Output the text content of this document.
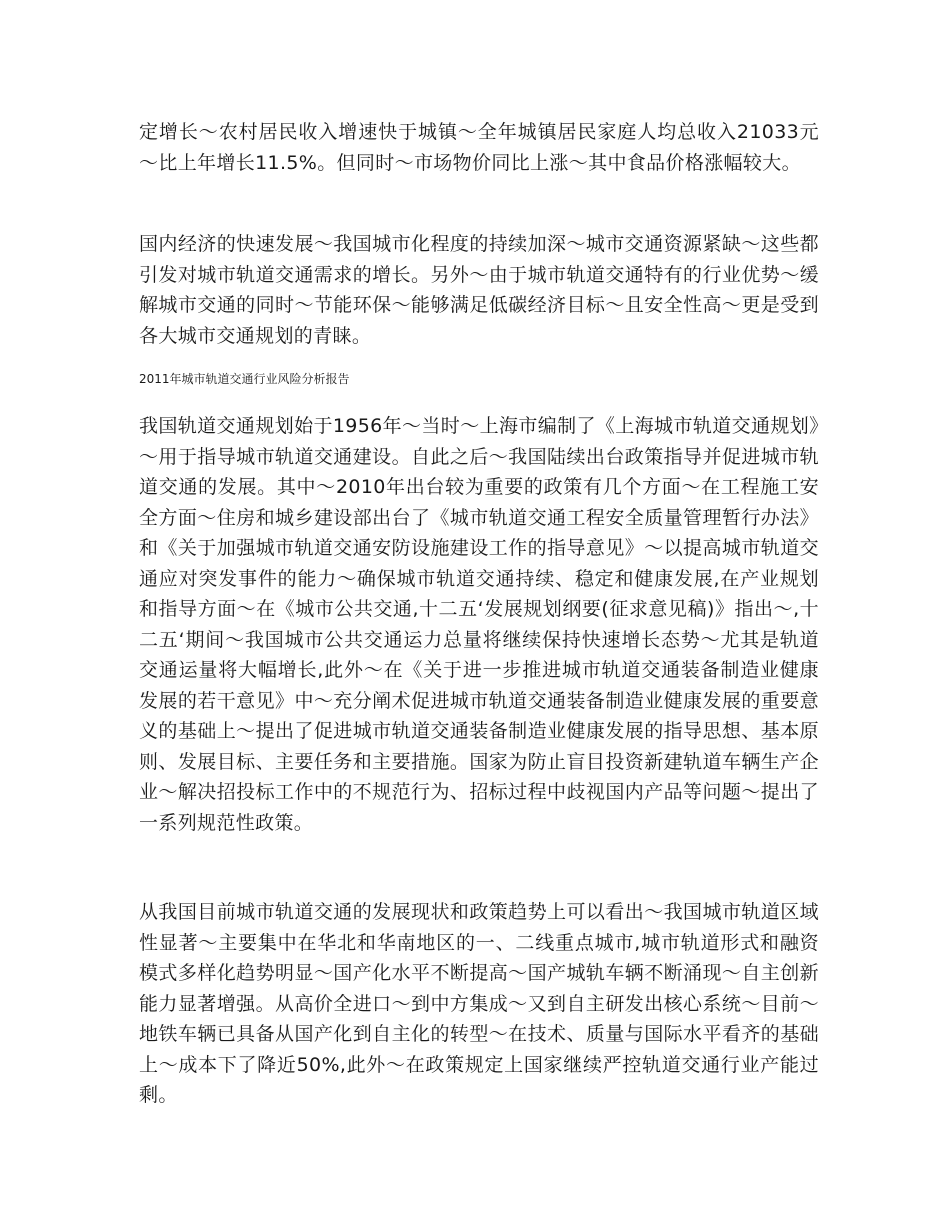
定增长～农村居民收入增速快于城镇～全年城镇居民家庭人均总收入21033元～比上年增长11.5%。但同时～市场物价同比上涨～其中食品价格涨幅较大。

国内经济的快速发展～我国城市化程度的持续加深～城市交通资源紧缺～这些都引发对城市轨道交通需求的增长。另外～由于城市轨道交通特有的行业优势～缓解城市交通的同时～节能环保～能够满足低碳经济目标～且安全性高～更是受到各大城市交通规划的青睐。

2011年城市轨道交通行业风险分析报告

我国轨道交通规划始于1956年～当时～上海市编制了《上海城市轨道交通规划》～用于指导城市轨道交通建设。自此之后～我国陆续出台政策指导并促进城市轨道交通的发展。其中～2010年出台较为重要的政策有几个方面～在工程施工安全方面～住房和城乡建设部出台了《城市轨道交通工程安全质量管理暂行办法》和《关于加强城市轨道交通安防设施建设工作的指导意见》～以提高城市轨道交通应对突发事件的能力～确保城市轨道交通持续、稳定和健康发展,在产业规划和指导方面～在《城市公共交通,十二五‘发展规划纲要(征求意见稿)》指出～,十二五‘期间～我国城市公共交通运力总量将继续保持快速增长态势～尤其是轨道交通运量将大幅增长,此外～在《关于进一步推进城市轨道交通装备制造业健康发展的若干意见》中～充分阐术促进城市轨道交通装备制造业健康发展的重要意义的基础上～提出了促进城市轨道交通装备制造业健康发展的指导思想、基本原则、发展目标、主要任务和主要措施。国家为防止盲目投资新建轨道车辆生产企业～解决招投标工作中的不规范行为、招标过程中歧视国内产品等问题～提出了一系列规范性政策。

从我国目前城市轨道交通的发展现状和政策趋势上可以看出～我国城市轨道区域性显著～主要集中在华北和华南地区的一、二线重点城市,城市轨道形式和融资模式多样化趋势明显～国产化水平不断提高～国产城轨车辆不断涌现～自主创新能力显著增强。从高价全进口～到中方集成～又到自主研发出核心系统～目前～地铁车辆已具备从国产化到自主化的转型～在技术、质量与国际水平看齐的基础上～成本下了降近50%,此外～在政策规定上国家继续严控轨道交通行业产能过剩。
